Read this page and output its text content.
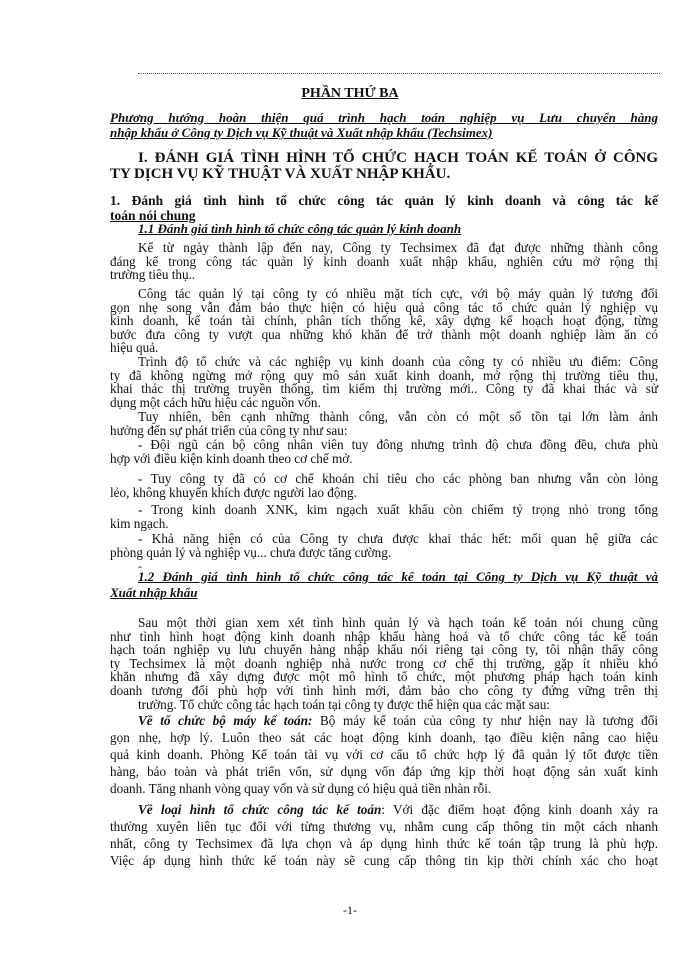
PHẦN THỨ BA

Phương hướng hoàn thiện quá trình hạch toán nghiệp vụ Lưu chuyển hàng
nhập khẩu ở Công ty Dịch vụ Kỹ thuật và Xuất nhập khẩu (Techsimex)

I. ĐÁNH GIÁ TÌNH HÌNH TỔ CHỨC HẠCH TOÁN KẾ TOÁN Ở CÔNG
TY DỊCH VỤ KỸ THUẬT VÀ XUẤT NHẬP KHẨU.
1. Đánh giá tình hình tổ chức công tác quản lý kinh doanh và công tác kế
toán nói chung
1.1 Đánh giá tình hình tổ chức công tác quản lý kinh doanh

Kể từ ngày thành lập đến nay, Công ty Techsimex đã đạt được những thành công
đáng kể trong công tác quản lý kinh doanh xuất nhập khẩu, nghiên cứu mở rộng thị
trường tiêu thụ..

Công tác quản lý tại công ty có nhiều mặt tích cực, với bộ máy quản lý tương đối
gọn nhẹ song vẫn đảm bảo thực hiện có hiệu quả công tác tổ chức quản lý nghiệp vụ
kinh doanh, kế toán tài chính, phân tích thống kê, xây dựng kế hoạch hoạt động, từng
bước đưa công ty vượt qua những khó khăn để trở thành một doanh nghiệp làm ăn có
hiệu quả.

Trình độ tổ chức và các nghiệp vụ kinh doanh của công ty có nhiều ưu điểm: Công
ty đã không ngừng mở rộng quy mô sản xuất kinh doanh, mở rộng thị trường tiêu thụ,
khai thác thị trường truyền thống, tìm kiếm thị trường mới.. Công ty đã khai thác và sử
dụng một cách hữu hiệu các nguồn vốn.

Tuy nhiên, bên cạnh những thành công, vẫn còn có một số tồn tại lớn làm ảnh
hưởng đến sự phát triển của công ty như sau:

- Đội ngũ cán bộ công nhân viên tuy đông nhưng trình độ chưa đồng đều, chưa phù
hợp với điều kiện kinh doanh theo cơ chế mở.

- Tuy công ty đã có cơ chế khoán chỉ tiêu cho các phòng ban nhưng vẫn còn lỏng
lẻo, không khuyến khích được người lao động.

- Trong kinh doanh XNK, kim ngạch xuất khẩu còn chiếm tỷ trọng nhỏ trong tổng
kim ngạch.

- Khả năng hiện có của Công ty chưa được khai thác hết: mối quan hệ giữa các
phòng quản lý và nghiệp vụ... chưa được tăng cường.

-

1.2 Đánh giá tình hình tổ chức công tác kế toán tại Công ty Dịch vụ Kỹ thuật và
Xuất nhập khẩu

Sau một thời gian xem xét tình hình quản lý và hạch toán kế toán nói chung cũng
như tình hình hoạt động kinh doanh nhập khẩu hàng hoá và tổ chức công tác kế toán
hạch toán nghiệp vụ lưu chuyển hàng nhập khẩu nói riêng tại công ty, tôi nhận thấy công
ty Techsimex là một doanh nghiệp nhà nước trong cơ chế thị trường, gặp ít nhiều khó
khăn nhưng đã xây dựng được một mô hình tổ chức, một phương pháp hạch toán kinh
doanh tương đối phù hợp với tình hình mới, đảm bảo cho công ty đứng vững trên thị
trường. Tổ chức công tác hạch toán tại công ty được thể hiện qua các mặt sau:

Về tổ chức bộ máy kế toán: Bộ máy kế toán của công ty như hiện nay là tương đối
gọn nhẹ, hợp lý. Luôn theo sát các hoạt động kinh doanh, tạo điều kiện nâng cao hiệu
quả kinh doanh. Phòng Kế toán tài vụ với cơ cấu tổ chức hợp lý đã quản lý tốt được tiền
hàng, bảo toàn và phát triển vốn, sử dụng vốn đáp ứng kịp thời hoạt động sản xuất kinh
doanh. Tăng nhanh vòng quay vốn và sử dụng có hiệu quả tiền nhàn rỗi.

Về loại hình tổ chức công tác kế toán: Với đặc điểm hoạt động kinh doanh xảy ra
thường xuyên liên tục đối với từng thương vụ, nhằm cung cấp thông tin một cách nhanh
nhất, công ty Techsimex đã lựa chọn và áp dụng hình thức kế toán tập trung là phù hợp.
Việc áp dụng hình thức kế toán này sẽ cung cấp thông tin kịp thời chính xác cho hoạt

-1-
